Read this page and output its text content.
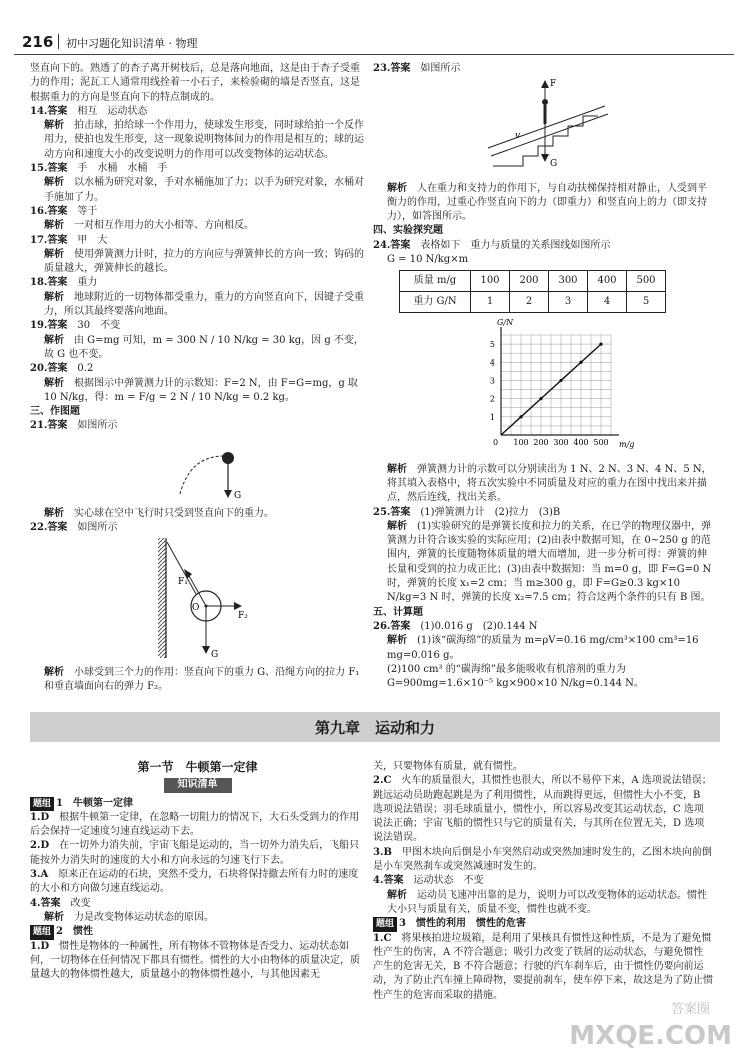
216 初中习题化知识清单 · 物理
竖直向下的。熟透了的杏子离开树枝后，总是落向地面，这是由于杏子受重力的作用；泥瓦工人通常用线拴着一小石子，来检验砌的墙是否竖直，这是根据重力的方向是竖直向下的特点制成的。
14.答案　 相互　运动状态
解析　 拍击球，拍给球一个作用力，使球发生形变，同时球给拍一个反作用力，使拍也发生形变，这一现象说明物体间力的作用是相互的；球的运动方向和速度大小的改变说明力的作用可以改变物体的运动状态。
15.答案　 手　水桶　水桶　手
解析　 以水桶为研究对象，手对水桶施加了力；以手为研究对象，水桶对手施加了力。
16.答案　 等于
解析　 一对相互作用力的大小相等、方向相反。
17.答案　 甲　大
解析　 使用弹簧测力计时，拉力的方向应与弹簧伸长的方向一致；钩码的质量越大，弹簧伸长的越长。
18.答案　 重力
解析　 地球附近的一切物体都受重力，重力的方向竖直向下，因键子受重力，所以其最终要落向地面。
19.答案　 30　不变
解析　 由 G=mg 可知，m = 300 N / 10 N/kg = 30 kg，因 g 不变，故 G 也不变。
20.答案　 0.2
解析　 根据图示中弹簧测力计的示数知：F=2 N，由 F=G=mg，g 取 10 N/kg，得：m = F/g = 2 N / 10 N/kg = 0.2 kg。
三、作图题
21.答案　 如图所示
G
解析　 实心球在空中飞行时只受到竖直向下的重力。
22.答案　 如图所示
F₁
F₂
O
G
解析　 小球受到三个力的作用：竖直向下的重力 G、沿绳方向的拉力 F₁ 和垂直墙面向右的弹力 F₂。
23.答案　 如图所示
F
G
v
解析　 人在重力和支持力的作用下，与自动扶梯保持相对静止，人受到平衡力的作用，过重心作竖直向下的力（即重力）和竖直向上的力（即支持力），如答图所示。
四、实验探究题
24.答案　 表格如下　重力与质量的关系图线如图所示
G = 10 N/kg×m
质量 m/g	100	200	300	400	500
重力 G/N	1	2	3	4	5
100 200 300 400 500
1
2
3
4
5
0	m/g
G/N
解析　 弹簧测力计的示数可以分别读出为 1 N、2 N、3 N、4 N、5 N，将其填入表格中，将五次实验中不同质量及对应的重力在图中找出来并描点，然后连线，找出关系。
25.答案　 (1)弹簧测力计　(2)拉力　(3)B
解析　 (1)实验研究的是弹簧长度和拉力的关系，在已学的物理仪器中，弹簧测力计符合该实验的实际应用；(2)由表中数据可知，在 0~250 g 的范围内，弹簧的长度随物体质量的增大而增加，进一步分析可得：弹簧的伸长量和受到的拉力成正比；(3)由表中数据知：当 m=0 g，即 F=G=0 N 时，弹簧的长度 x₁=2 cm；当 m≥300 g，即 F=G≥0.3 kg×10 N/kg=3 N 时，弹簧的长度 x₂=7.5 cm；符合这两个条件的只有 B 图。
五、计算题
26.答案　 (1)0.016 g　(2)0.144 N
解析　 (1)该“碳海绵”的质量为 m=ρV=0.16 mg/cm³×100 cm³=16 mg=0.016 g。
(2)100 cm³ 的“碳海绵”最多能吸收有机溶剂的重力为 G=900mg=1.6×10⁻⁵ kg×900×10 N/kg=0.144 N。
第九章　运动和力
第一节　牛顿第一定律
知识清单
题组 1　 牛顿第一定律
1.D　 根据牛顿第一定律，在忽略一切阻力的情况下，大石头受到力的作用后会保持一定速度匀速直线运动下去。
2.D　 在一切外力消失前，宇宙飞船是运动的，当一切外力消失后，飞船只能按外力消失时的速度的大小和方向永远的匀速飞行下去。
3.A　 原来正在运动的石块，突然不受力，石块将保持撤去所有力时的速度的大小和方向做匀速直线运动。
4.答案　 改变
解析　 力是改变物体运动状态的原因。
题组 2　 惯性
1.D　 惯性是物体的一种属性，所有物体不管物体是否受力、运动状态如何，一切物体在任何情况下都具有惯性。惯性的大小由物体的质量决定，质量越大的物体惯性越大，质量越小的物体惯性越小，与其他因素无
关，只要物体有质量，就有惯性。
2.C　 火车的质量很大，其惯性也很大，所以不易停下来，A 选项说法错误；跳远运动员助跑起跳是为了利用惯性，从而跳得更远，但惯性大小不变，B 选项说法错误；羽毛球质量小，惯性小，所以容易改变其运动状态，C 选项说法正确；宇宙飞船的惯性只与它的质量有关，与其所在位置无关，D 选项说法错误。
3.B　 甲图木块向后倒是小车突然启动或突然加速时发生的，乙图木块向前倒是小车突然刹车或突然减速时发生的。
4.答案　 运动状态　不变
解析　 运动员飞速冲出靠的是力，说明力可以改变物体的运动状态。惯性大小只与质量有关，质量不变，惯性也就不变。
题组 3　 惯性的利用　惯性的危害
1.C　 将果核拍进垃圾箱，是利用了果核具有惯性这种性质，不是为了避免惯性产生的伤害，A 不符合题意；吸引力改变了铁屑的运动状态，与避免惯性产生的危害无关，B 不符合题意；行驶的汽车刹车后，由于惯性仍要向前运动，为了防止汽车撞上障碍物，要提前刹车，使车停下来，故这是为了防止惯性产生的危害而采取的措施。
答案圈
MXQE.COM
